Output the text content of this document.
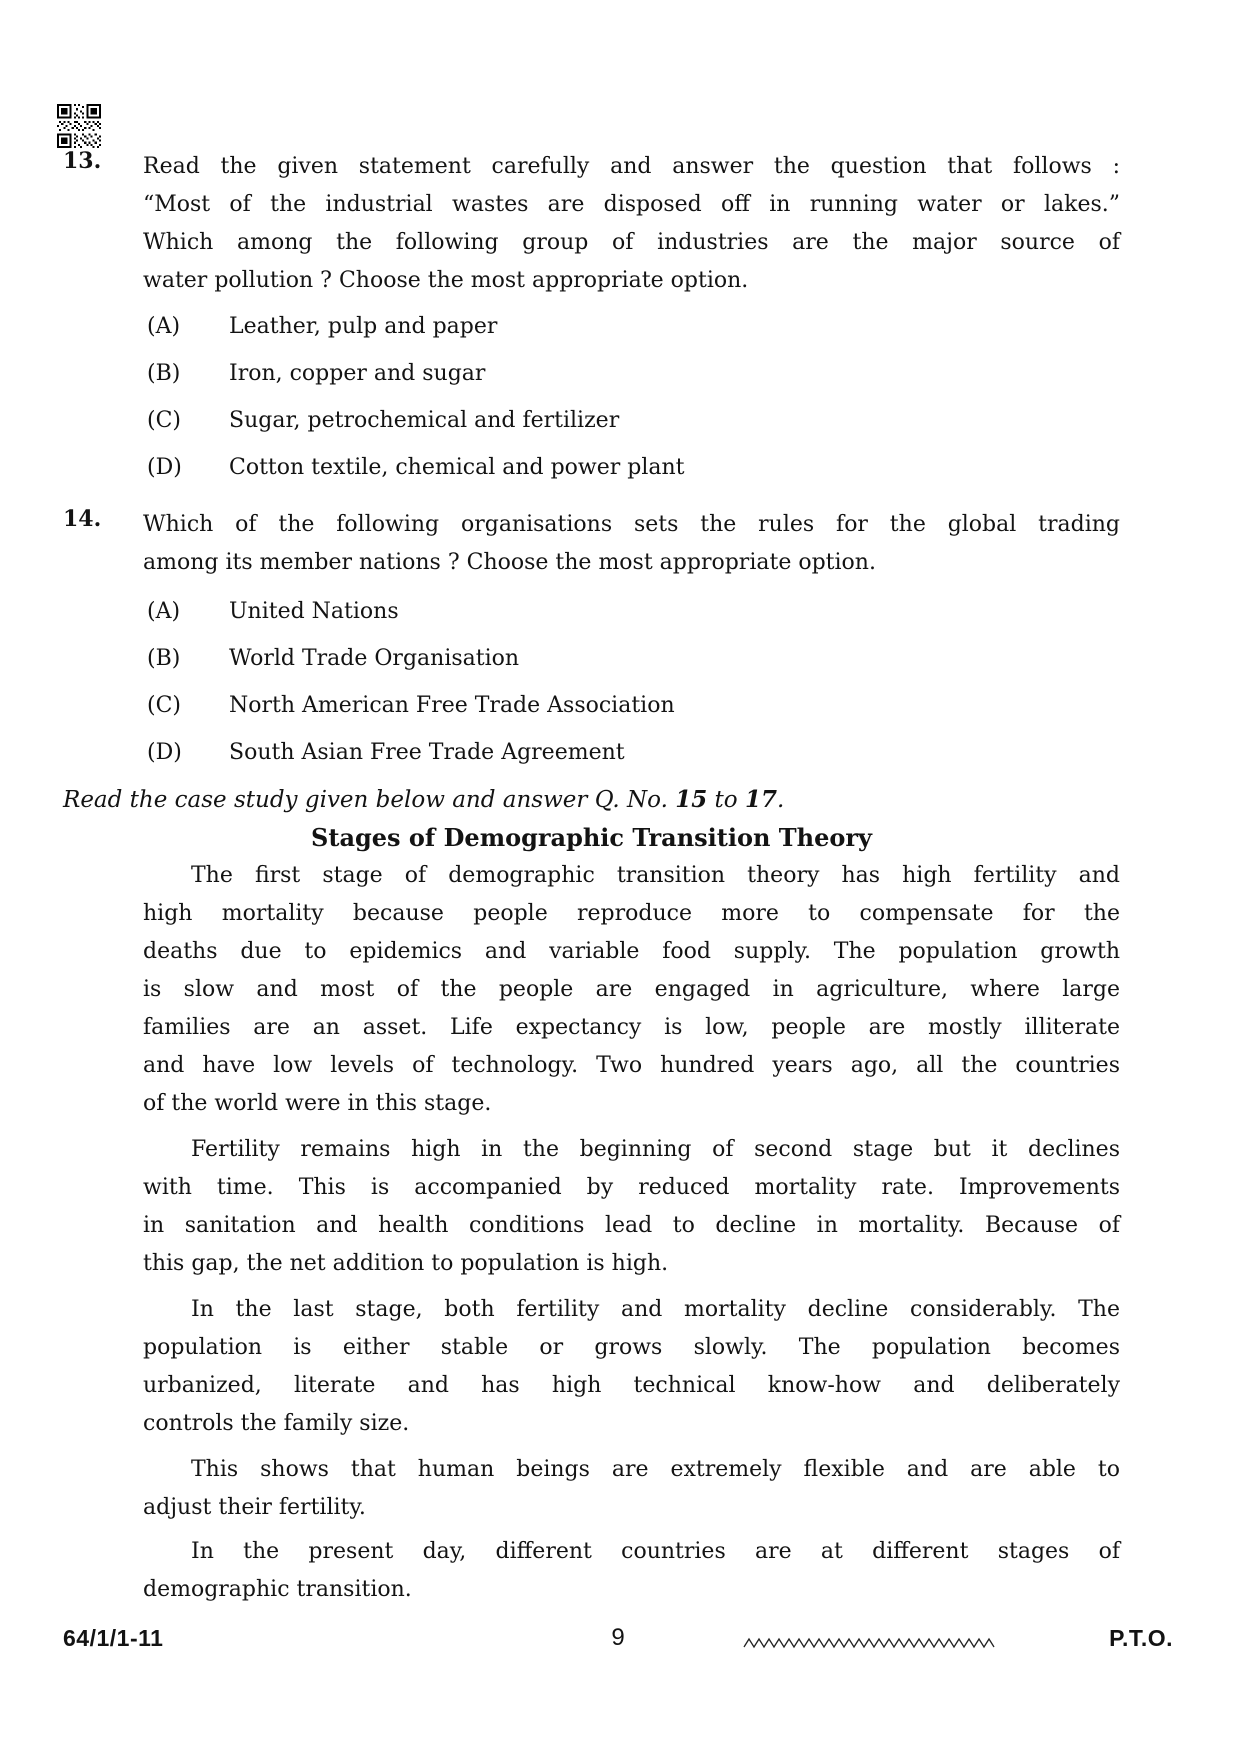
13. Read the given statement carefully and answer the question that follows :
“Most of the industrial wastes are disposed off in running water or lakes.”
Which among the following group of industries are the major source of
water pollution ? Choose the most appropriate option.
(A) Leather, pulp and paper
(B) Iron, copper and sugar
(C) Sugar, petrochemical and fertilizer
(D) Cotton textile, chemical and power plant
14. Which of the following organisations sets the rules for the global trading
among its member nations ? Choose the most appropriate option.
(A) United Nations
(B) World Trade Organisation
(C) North American Free Trade Association
(D) South Asian Free Trade Agreement
Read the case study given below and answer Q. No. 15 to 17.
Stages of Demographic Transition Theory
The first stage of demographic transition theory has high fertility and
high mortality because people reproduce more to compensate for the
deaths due to epidemics and variable food supply. The population growth
is slow and most of the people are engaged in agriculture, where large
families are an asset. Life expectancy is low, people are mostly illiterate
and have low levels of technology. Two hundred years ago, all the countries
of the world were in this stage.
Fertility remains high in the beginning of second stage but it declines
with time. This is accompanied by reduced mortality rate. Improvements
in sanitation and health conditions lead to decline in mortality. Because of
this gap, the net addition to population is high.
In the last stage, both fertility and mortality decline considerably. The
population is either stable or grows slowly. The population becomes
urbanized, literate and has high technical know-how and deliberately
controls the family size.
This shows that human beings are extremely flexible and are able to
adjust their fertility.
In the present day, different countries are at different stages of
demographic transition.
64/1/1-11	9	P.T.O.
